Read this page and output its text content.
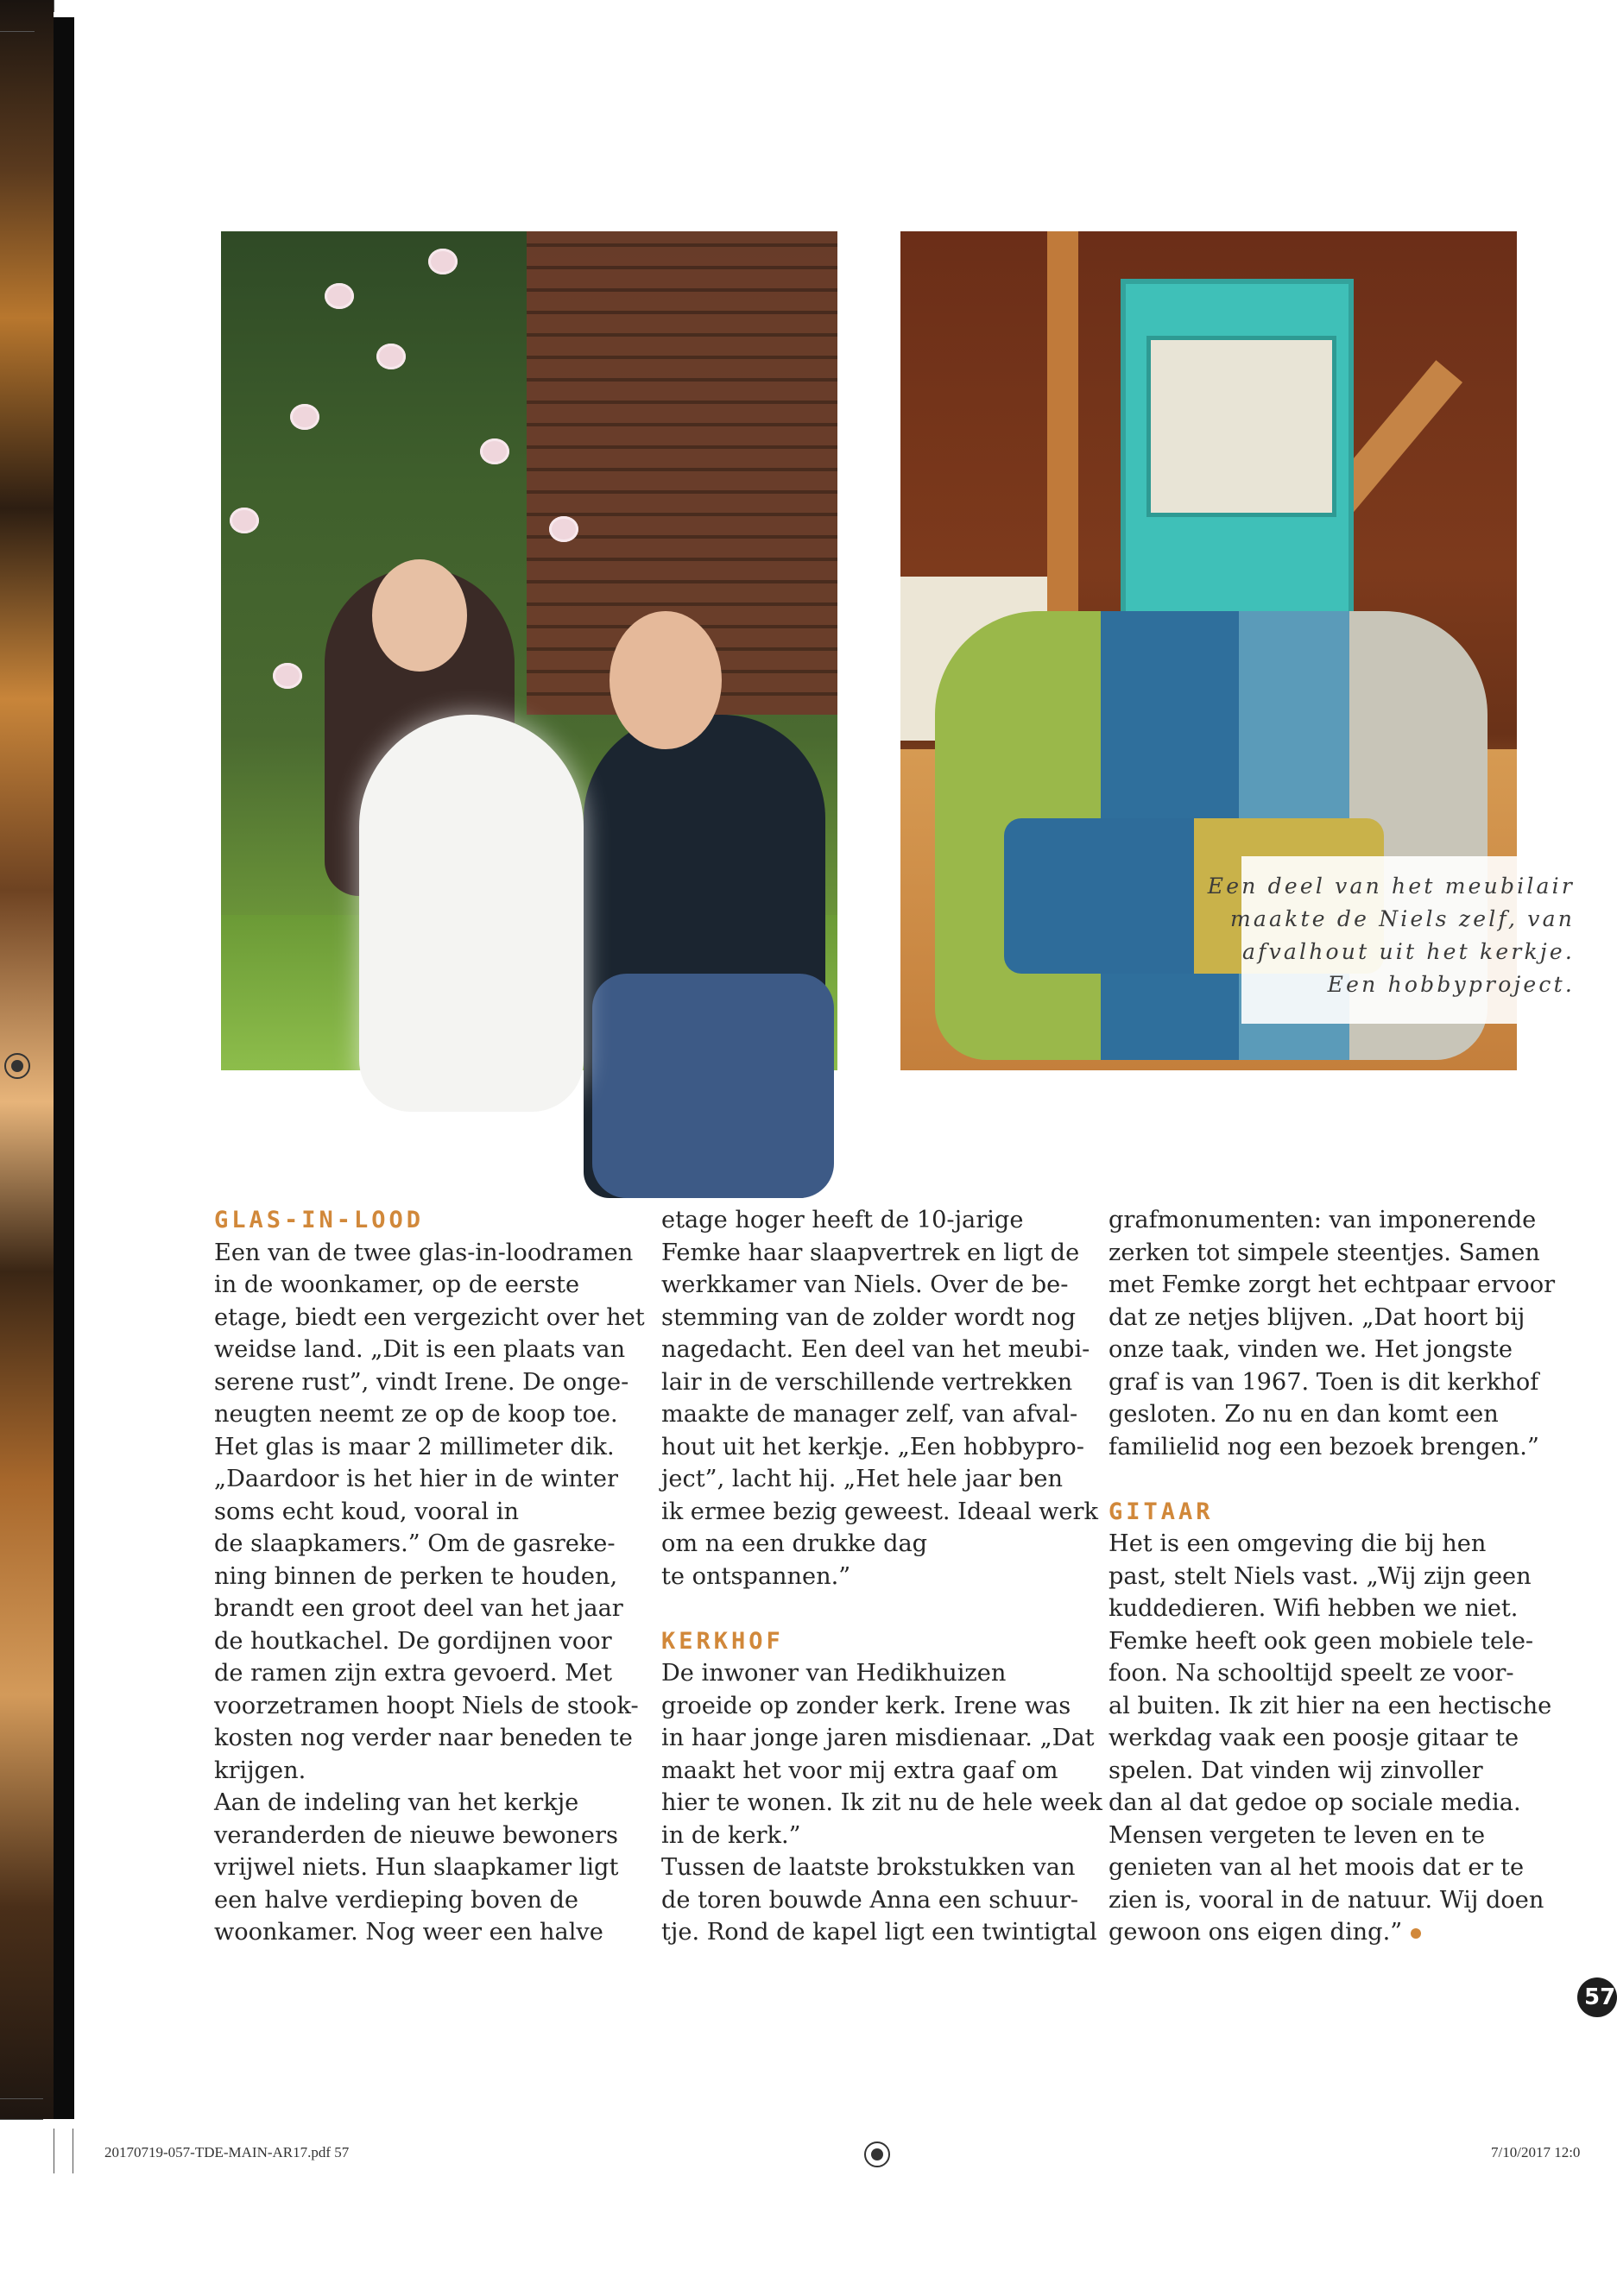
Een deel van het meubilair
maakte de Niels zelf, van
afvalhout uit het kerkje.
Een hobbyproject.
GLAS-IN-LOOD
Een van de twee glas-in-loodramen
in de woonkamer, op de eerste
etage, biedt een vergezicht over het
weidse land. „Dit is een plaats van
serene rust”, vindt Irene. De onge-
neugten neemt ze op de koop toe.
Het glas is maar 2 millimeter dik.
„Daardoor is het hier in de winter
soms echt koud, vooral in
de slaapkamers.” Om de gasreke-
ning binnen de perken te houden,
brandt een groot deel van het jaar
de houtkachel. De gordijnen voor
de ramen zijn extra gevoerd. Met
voorzetramen hoopt Niels de stook-
kosten nog verder naar beneden te
krijgen.
Aan de indeling van het kerkje
veranderden de nieuwe bewoners
vrijwel niets. Hun slaapkamer ligt
een halve verdieping boven de
woonkamer. Nog weer een halve
etage hoger heeft de 10-jarige
Femke haar slaapvertrek en ligt de
werkkamer van Niels. Over de be-
stemming van de zolder wordt nog
nagedacht. Een deel van het meubi-
lair in de verschillende vertrekken
maakte de manager zelf, van afval-
hout uit het kerkje. „Een hobbypro-
ject”, lacht hij. „Het hele jaar ben
ik ermee bezig geweest. Ideaal werk
om na een drukke dag
te ontspannen.”
KERKHOF
De inwoner van Hedikhuizen
groeide op zonder kerk. Irene was
in haar jonge jaren misdienaar. „Dat
maakt het voor mij extra gaaf om
hier te wonen. Ik zit nu de hele week
in de kerk.”
Tussen de laatste brokstukken van
de toren bouwde Anna een schuur-
tje. Rond de kapel ligt een twintigtal
grafmonumenten: van imponerende
zerken tot simpele steentjes. Samen
met Femke zorgt het echtpaar ervoor
dat ze netjes blijven. „Dat hoort bij
onze taak, vinden we. Het jongste
graf is van 1967. Toen is dit kerkhof
gesloten. Zo nu en dan komt een
familielid nog een bezoek brengen.”
GITAAR
Het is een omgeving die bij hen
past, stelt Niels vast. „Wij zijn geen
kuddedieren. Wifi hebben we niet.
Femke heeft ook geen mobiele tele-
foon. Na schooltijd speelt ze voor-
al buiten. Ik zit hier na een hectische
werkdag vaak een poosje gitaar te
spelen. Dat vinden wij zinvoller
dan al dat gedoe op sociale media.
Mensen vergeten te leven en te
genieten van al het moois dat er te
zien is, vooral in de natuur. Wij doen
gewoon ons eigen ding.”
57
20170719-057-TDE-MAIN-AR17.pdf 57	7/10/2017 12:0
